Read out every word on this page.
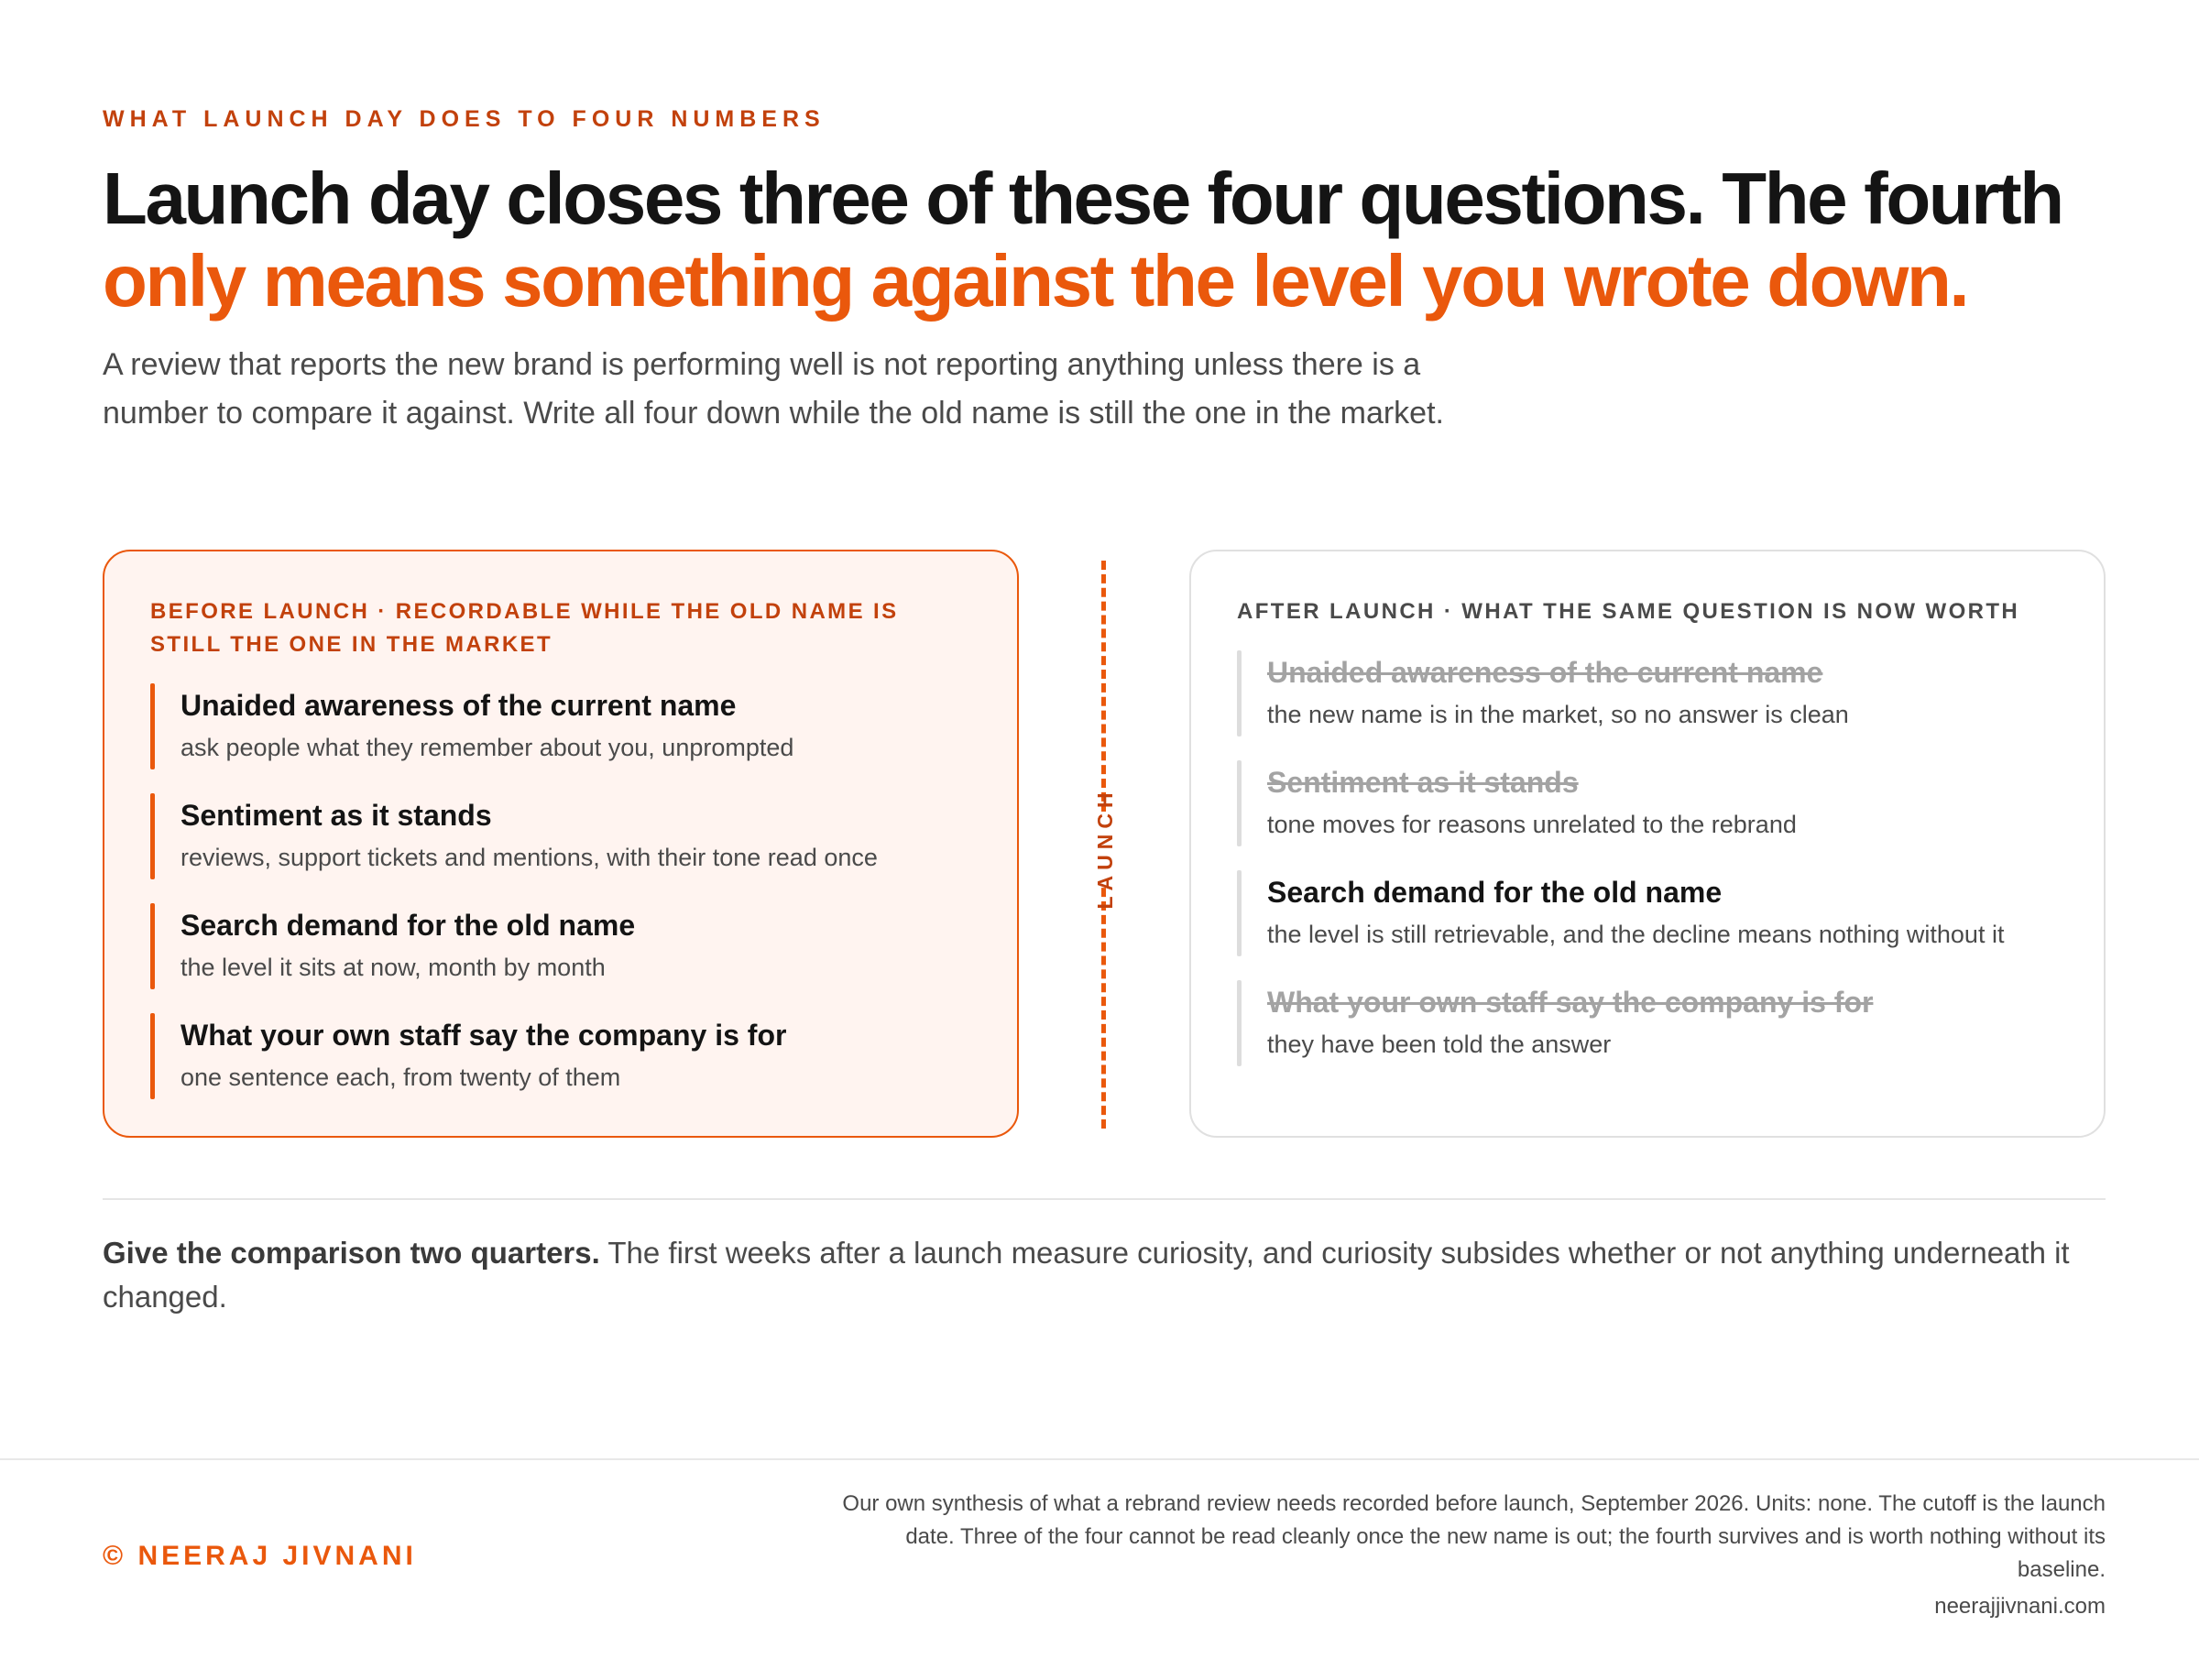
WHAT LAUNCH DAY DOES TO FOUR NUMBERS
Launch day closes three of these four questions. The fourth
only means something against the level you wrote down.

A review that reports the new brand is performing well is not reporting anything unless there is a number to compare it against. Write all four down while the old name is still the one in the market.

BEFORE LAUNCH · RECORDABLE WHILE THE OLD NAME IS STILL THE ONE IN THE MARKET
Unaided awareness of the current name
ask people what they remember about you, unprompted
Sentiment as it stands
reviews, support tickets and mentions, with their tone read once
Search demand for the old name
the level it sits at now, month by month
What your own staff say the company is for
one sentence each, from twenty of them
LAUNCH
AFTER LAUNCH · WHAT THE SAME QUESTION IS NOW WORTH
Unaided awareness of the current name
the new name is in the market, so no answer is clean
Sentiment as it stands
tone moves for reasons unrelated to the rebrand
Search demand for the old name
the level is still retrievable, and the decline means nothing without it
What your own staff say the company is for
they have been told the answer

Give the comparison two quarters. The first weeks after a launch measure curiosity, and curiosity subsides whether or not anything underneath it changed.

© NEERAJ JIVNANI

Our own synthesis of what a rebrand review needs recorded before launch, September 2026. Units: none. The cutoff is the launch date. Three of the four cannot be read cleanly once the new name is out; the fourth survives and is worth nothing without its baseline.

neerajjivnani.com
